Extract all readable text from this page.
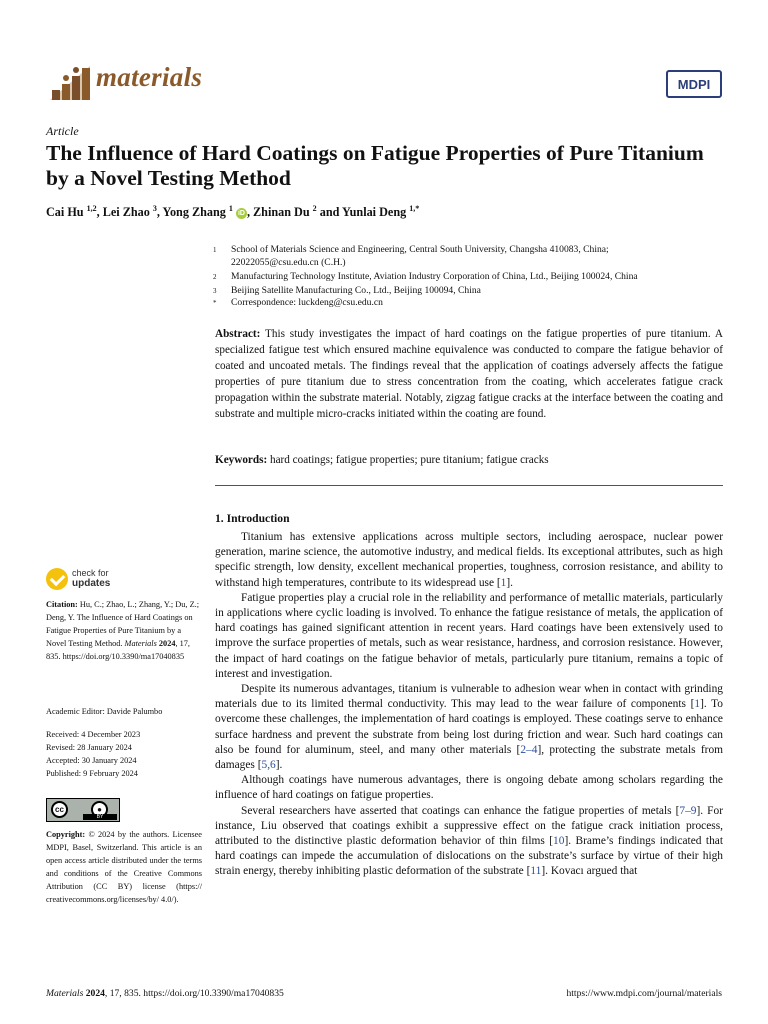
materials	MDPI
Article
The Influence of Hard Coatings on Fatigue Properties of Pure Titanium by a Novel Testing Method
Cai Hu $^{1,2}$, Lei Zhao $^3$, Yong Zhang $^1$ iD , Zhinan Du $^2$ and Yunlai Deng $^{1,*}$
1 School of Materials Science and Engineering, Central South University, Changsha 410083, China;
22022055@csu.edu.cn (C.H.)
2 Manufacturing Technology Institute, Aviation Industry Corporation of China, Ltd., Beijing 100024, China
3 Beijing Satellite Manufacturing Co., Ltd., Beijing 100094, China
* Correspondence: luckdeng@csu.edu.cn
Abstract: This study investigates the impact of hard coatings on the fatigue properties of pure titanium. A specialized fatigue test which ensured machine equivalence was conducted to compare the fatigue behavior of coated and uncoated metals. The findings reveal that the application of coatings adversely affects the fatigue properties of pure titanium due to stress concentration from the coating, which accelerates fatigue crack propagation within the substrate material. Notably, zigzag fatigue cracks at the interface between the coating and substrate and multiple micro-cracks initiated within the coating are found.
Keywords: hard coatings; fatigue properties; pure titanium; fatigue cracks
check for
updates
Citation: Hu, C.; Zhao, L.; Zhang, Y.; Du, Z.; Deng, Y. The Influence of Hard Coatings on Fatigue Properties of Pure Titanium by a Novel Testing Method. Materials 2024, 17, 835. https://doi.org/10.3390/ma17040835
Academic Editor: Davide Palumbo
Received: 4 December 2023
Revised: 28 January 2024
Accepted: 30 January 2024
Published: 9 February 2024
cc	●
BY
Copyright: © 2024 by the authors. Licensee MDPI, Basel, Switzerland. This article is an open access article distributed under the terms and conditions of the Creative Commons Attribution (CC BY) license (https:// creativecommons.org/licenses/by/ 4.0/).
1. Introduction

Titanium has extensive applications across multiple sectors, including aerospace, nuclear power generation, marine science, the automotive industry, and medical fields. Its exceptional attributes, such as high specific strength, low density, excellent mechanical properties, toughness, corrosion resistance, and ability to withstand high temperatures, contribute to its widespread use [1].

Fatigue properties play a crucial role in the reliability and performance of metallic materials, particularly in applications where cyclic loading is involved. To enhance the fatigue resistance of metals, the application of hard coatings has gained significant attention in recent years. Hard coatings have been extensively used to improve the surface properties of metals, such as wear resistance, hardness, and corrosion resistance. However, the impact of hard coatings on the fatigue behavior of metals, particularly pure titanium, remains a topic of interest and investigation.

Despite its numerous advantages, titanium is vulnerable to adhesion wear when in contact with grinding materials due to its limited thermal conductivity. This may lead to the wear failure of components [1]. To overcome these challenges, the implementation of hard coatings is employed. These coatings serve to enhance surface hardness and prevent the substrate from being lost during friction and wear. Such hard coatings can also be found for aluminum, steel, and many other materials [2–4], protecting the substrate metals from damages [5,6].

Although coatings have numerous advantages, there is ongoing debate among scholars regarding the influence of hard coatings on fatigue properties.

Several researchers have asserted that coatings can enhance the fatigue properties of metals [7–9]. For instance, Liu observed that coatings exhibit a suppressive effect on the fatigue crack initiation process, attributed to the distinctive plastic deformation behavior of thin films [10]. Brame’s findings indicated that hard coatings can impede the accumulation of dislocations on the substrate’s surface by virtue of their high strain energy, thereby inhibiting plastic deformation of the substrate [11]. Kovacı argued that

Materials 2024, 17, 835. https://doi.org/10.3390/ma17040835	https://www.mdpi.com/journal/materials
